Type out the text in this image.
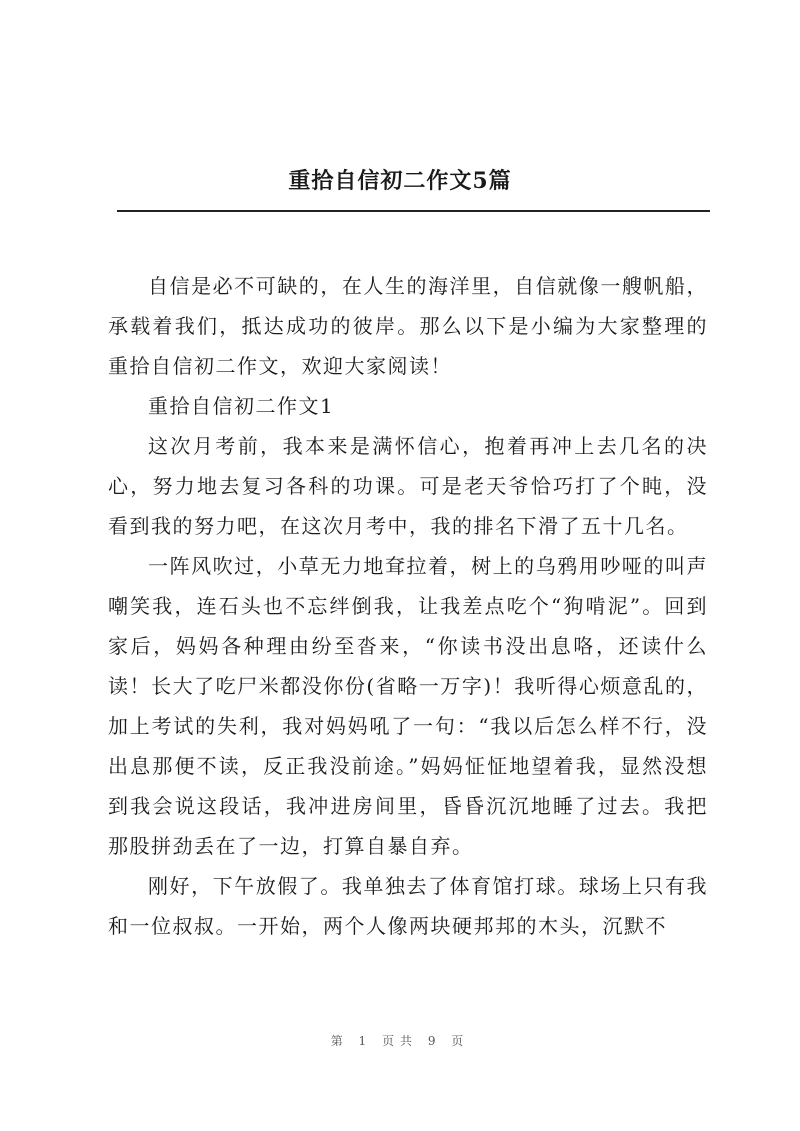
重拾自信初二作文5篇

自信是必不可缺的，在人生的海洋里，自信就像一艘帆船，承载着我们，抵达成功的彼岸。那么以下是小编为大家整理的重拾自信初二作文，欢迎大家阅读！

重拾自信初二作文1

这次月考前，我本来是满怀信心，抱着再冲上去几名的决心，努力地去复习各科的功课。可是老天爷恰巧打了个盹，没看到我的努力吧，在这次月考中，我的排名下滑了五十几名。

一阵风吹过，小草无力地耷拉着，树上的乌鸦用吵哑的叫声嘲笑我，连石头也不忘绊倒我，让我差点吃个“狗啃泥”。回到家后，妈妈各种理由纷至沓来，“你读书没出息咯，还读什么读！长大了吃尸米都没你份(省略一万字)！我听得心烦意乱的，加上考试的失利，我对妈妈吼了一句：“我以后怎么样不行，没出息那便不读，反正我没前途。”妈妈怔怔地望着我，显然没想到我会说这段话，我冲进房间里，昏昏沉沉地睡了过去。我把那股拼劲丢在了一边，打算自暴自弃。

刚好，下午放假了。我单独去了体育馆打球。球场上只有我和一位叔叔。一开始，两个人像两块硬邦邦的木头，沉默不

第 1 页共 9 页
